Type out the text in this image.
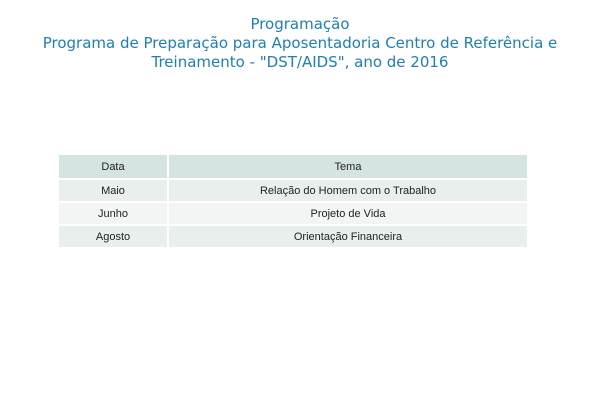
Programação
Programa de Preparação para Aposentadoria Centro de Referência e
Treinamento - "DST/AIDS", ano de 2016
Data	Tema
Maio	Relação do Homem com o Trabalho
Junho	Projeto de Vida
Agosto	Orientação Financeira
